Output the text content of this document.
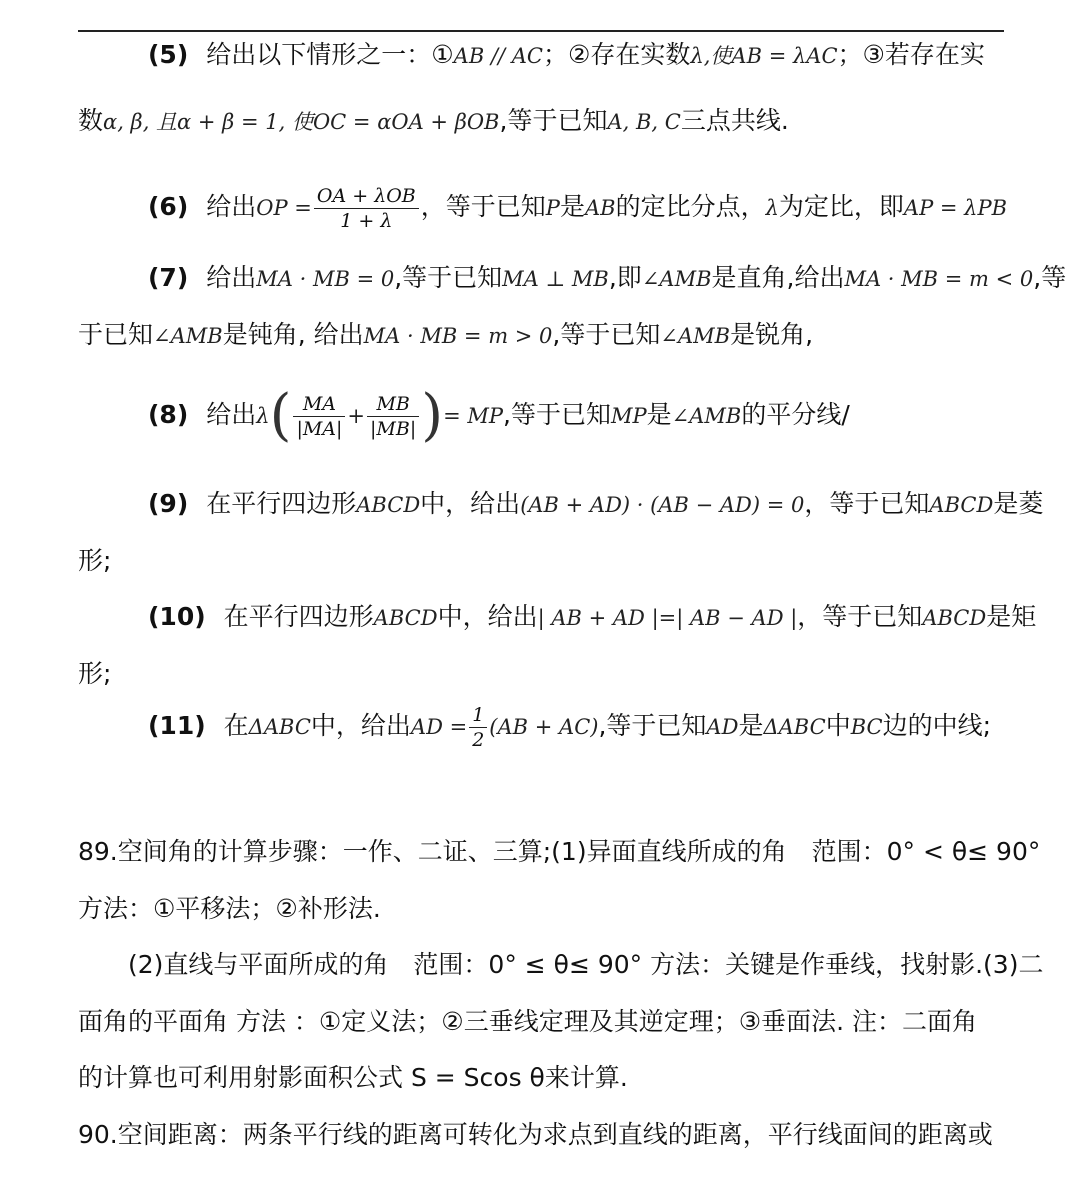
(5) 给出以下情形之一：①AB // AC；②存在实数λ,使AB = λAC；③若存在实
数α, β, 且α + β = 1, 使OC = αOA + βOB,等于已知A, B, C三点共线.
(6) 给出OP = $\frac{\text{OA + λOB}}{1 + \lambda}$ ，等于已知P是AB的定比分点，λ为定比，即AP = λPB
(7) 给出MA · MB = 0,等于已知MA ⊥ MB,即∠AMB是直角,给出MA · MB = m < 0,等
于已知∠AMB是钝角, 给出MA · MB = m > 0,等于已知∠AMB是锐角,
(8) 给出$\lambda( \frac{MA}{|MA|} + \frac{MB}{|MB|}$ )= MP,等于已知MP是∠AMB的平分线/
(9) 在平行四边形ABCD中，给出(AB + AD) · (AB − AD) = 0，等于已知ABCD是菱
形;
(10) 在平行四边形ABCD中，给出| AB + AD |=| AB − AD |，等于已知ABCD是矩
形;
(11) 在ΔABC中，给出AD = $\frac{1}{2} (AB + AC)$,等于已知AD是ΔABC中BC边的中线;
89.空间角的计算步骤：一作、二证、三算;(1)异面直线所成的角　范围：0° < θ≤ 90°
方法：①平移法；②补形法.
(2)直线与平面所成的角　范围：0° ≤ θ≤ 90° 方法：关键是作垂线，找射影.(3)二
面角的平面角 方法 ：①定义法；②三垂线定理及其逆定理；③垂面法. 注：二面角
的计算也可利用射影面积公式 S = Scos θ来计算.
90.空间距离：两条平行线的距离可转化为求点到直线的距离，平行线面间的距离或
